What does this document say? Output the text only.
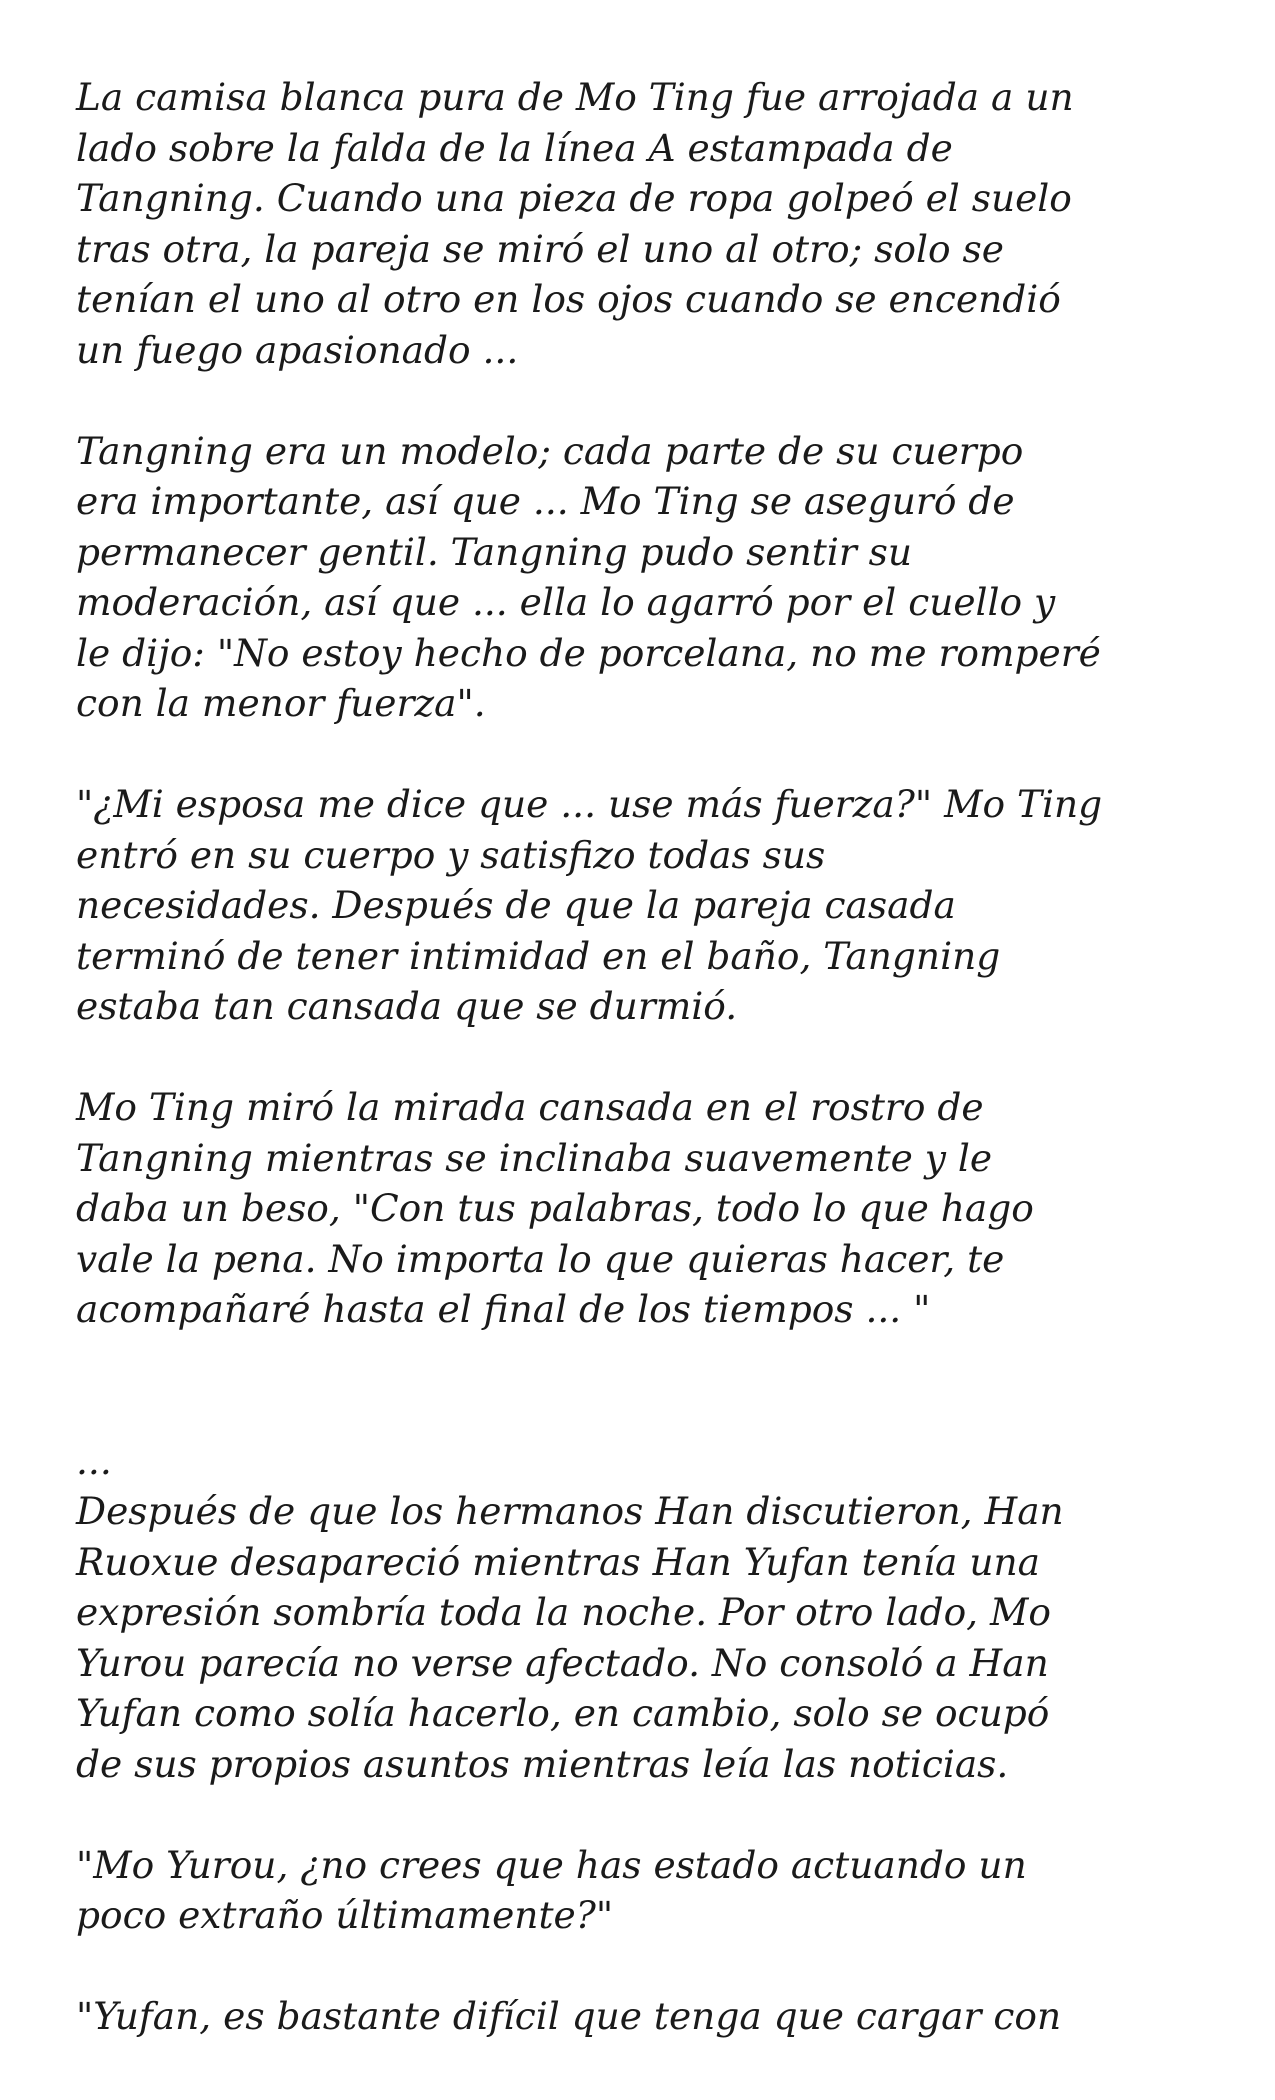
La camisa blanca pura de Mo Ting fue arrojada a un
lado sobre la falda de la línea A estampada de
Tangning. Cuando una pieza de ropa golpeó el suelo
tras otra, la pareja se miró el uno al otro; solo se
tenían el uno al otro en los ojos cuando se encendió
un fuego apasionado ...
Tangning era un modelo; cada parte de su cuerpo
era importante, así que ... Mo Ting se aseguró de
permanecer gentil. Tangning pudo sentir su
moderación, así que ... ella lo agarró por el cuello y
le dijo: "No estoy hecho de porcelana, no me romperé
con la menor fuerza".
"¿Mi esposa me dice que ... use más fuerza?" Mo Ting
entró en su cuerpo y satisfizo todas sus
necesidades. Después de que la pareja casada
terminó de tener intimidad en el baño, Tangning
estaba tan cansada que se durmió.
Mo Ting miró la mirada cansada en el rostro de
Tangning mientras se inclinaba suavemente y le
daba un beso, "Con tus palabras, todo lo que hago
vale la pena. No importa lo que quieras hacer, te
acompañaré hasta el final de los tiempos ... "
...
Después de que los hermanos Han discutieron, Han
Ruoxue desapareció mientras Han Yufan tenía una
expresión sombría toda la noche. Por otro lado, Mo
Yurou parecía no verse afectado. No consoló a Han
Yufan como solía hacerlo, en cambio, solo se ocupó
de sus propios asuntos mientras leía las noticias.
"Mo Yurou, ¿no crees que has estado actuando un
poco extraño últimamente?"
"Yufan, es bastante difícil que tenga que cargar con
